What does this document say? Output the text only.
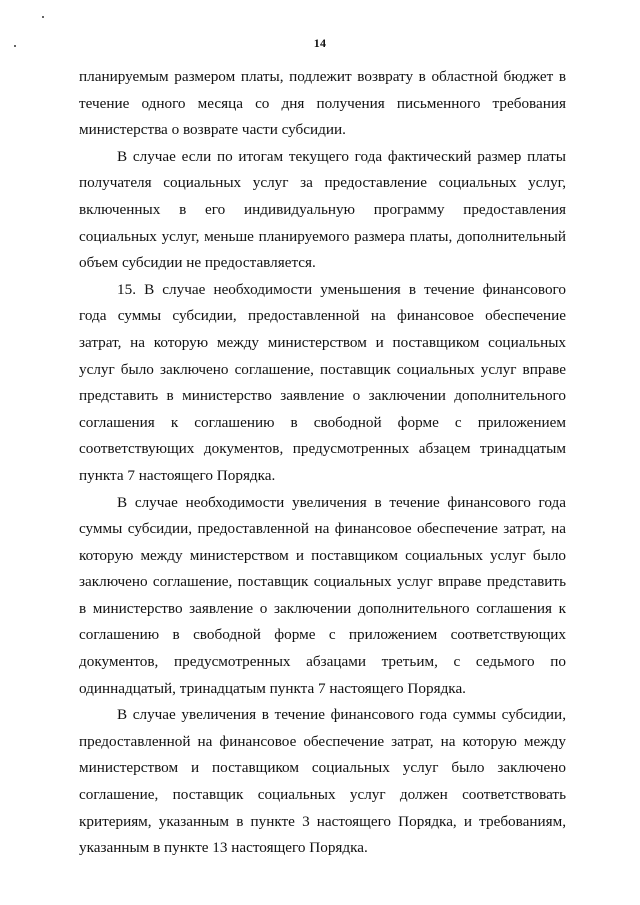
14

планируемым размером платы, подлежит возврату в областной бюджет в течение одного месяца со дня получения письменного требования министерства о возврате части субсидии.

В случае если по итогам текущего года фактический размер платы получателя социальных услуг за предоставление социальных услуг, включенных в его индивидуальную программу предоставления социальных услуг, меньше планируемого размера платы, дополнительный объем субсидии не предоставляется.

15. В случае необходимости уменьшения в течение финансового года суммы субсидии, предоставленной на финансовое обеспечение затрат, на которую между министерством и поставщиком социальных услуг было заключено соглашение, поставщик социальных услуг вправе представить в министерство заявление о заключении дополнительного соглашения к соглашению в свободной форме с приложением соответствующих документов, предусмотренных абзацем тринадцатым пункта 7 настоящего Порядка.

В случае необходимости увеличения в течение финансового года суммы субсидии, предоставленной на финансовое обеспечение затрат, на которую между министерством и поставщиком социальных услуг было заключено соглашение, поставщик социальных услуг вправе представить в министерство заявление о заключении дополнительного соглашения к соглашению в свободной форме с приложением соответствующих документов, предусмотренных абзацами третьим, с седьмого по одиннадцатый, тринадцатым пункта 7 настоящего Порядка.

В случае увеличения в течение финансового года суммы субсидии, предоставленной на финансовое обеспечение затрат, на которую между министерством и поставщиком социальных услуг было заключено соглашение, поставщик социальных услуг должен соответствовать критериям, указанным в пункте 3 настоящего Порядка, и требованиям, указанным в пункте 13 настоящего Порядка.
